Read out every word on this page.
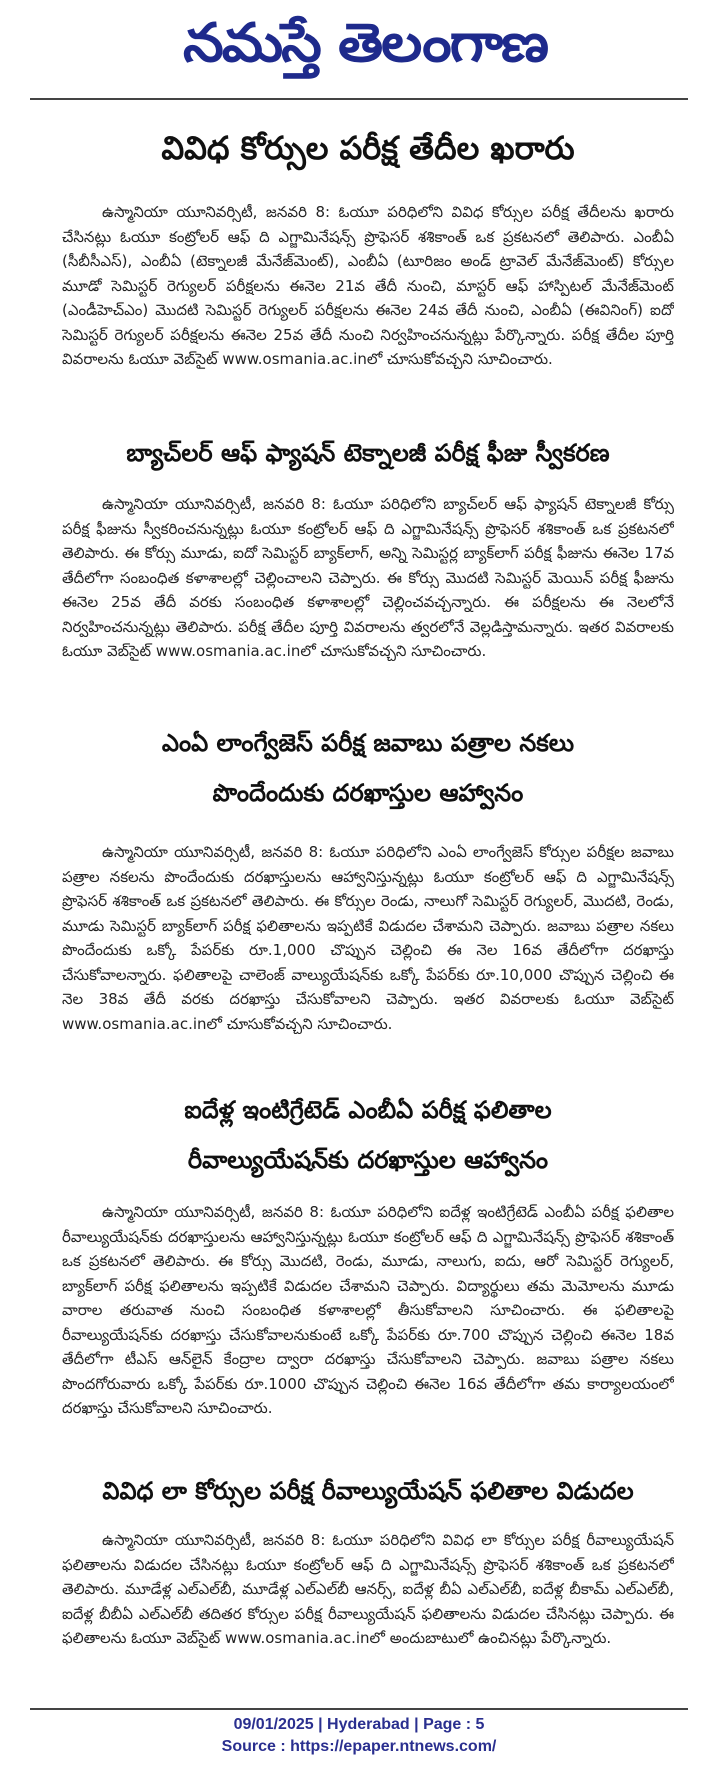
నమస్తే తెలంగాణ
వివిధ కోర్సుల పరీక్ష తేదీల ఖరారు

ఉస్మానియా యూనివర్సిటీ, జనవరి 8: ఓయూ పరిధిలోని వివిధ కోర్సుల పరీక్ష తేదీలను ఖరారు చేసినట్లు ఓయూ కంట్రోలర్ ఆఫ్ ది ఎగ్జామినేషన్స్ ప్రొఫెసర్ శశికాంత్ ఒక ప్రకటనలో తెలిపారు. ఎంబీఏ (సీబీసీఎస్), ఎంబీఏ (టెక్నాలజీ మేనేజ్‌మెంట్), ఎంబీఏ (టూరిజం అండ్ ట్రావెల్ మేనేజ్‌మెంట్) కోర్సుల మూడో సెమిస్టర్ రెగ్యులర్ పరీక్షలను ఈనెల 21వ తేదీ నుంచి, మాస్టర్ ఆఫ్ హాస్పిటల్ మేనేజ్‌మెంట్ (ఎండీహెచ్‌ఎం) మొదటి సెమిస్టర్ రెగ్యులర్ పరీక్షలను ఈనెల 24వ తేదీ నుంచి, ఎంబీఏ (ఈవినింగ్) ఐదో సెమిస్టర్ రెగ్యులర్ పరీక్షలను ఈనెల 25వ తేదీ నుంచి నిర్వహించనున్నట్లు పేర్కొన్నారు. పరీక్ష తేదీల పూర్తి వివరాలను ఓయూ వెబ్‌సైట్ www.osmania.ac.inలో చూసుకోవచ్చని సూచించారు.

బ్యాచ్‌లర్ ఆఫ్ ఫ్యాషన్ టెక్నాలజీ పరీక్ష ఫీజు స్వీకరణ

ఉస్మానియా యూనివర్సిటీ, జనవరి 8: ఓయూ పరిధిలోని బ్యాచ్‌లర్ ఆఫ్ ఫ్యాషన్ టెక్నాలజీ కోర్సు పరీక్ష ఫీజును స్వీకరించనున్నట్లు ఓయూ కంట్రోలర్ ఆఫ్ ది ఎగ్జామినేషన్స్ ప్రొఫెసర్ శశికాంత్ ఒక ప్రకటనలో తెలిపారు. ఈ కోర్సు మూడు, ఐదో సెమిస్టర్ బ్యాక్‌లాగ్, అన్ని సెమిస్టర్ల బ్యాక్‌లాగ్ పరీక్ష ఫీజును ఈనెల 17వ తేదీలోగా సంబంధిత కళాశాలల్లో చెల్లించాలని చెప్పారు. ఈ కోర్సు మొదటి సెమిస్టర్ మెయిన్ పరీక్ష ఫీజును ఈనెల 25వ తేదీ వరకు సంబంధిత కళాశాలల్లో చెల్లించవచ్చన్నారు. ఈ పరీక్షలను ఈ నెలలోనే నిర్వహించనున్నట్లు తెలిపారు. పరీక్ష తేదీల పూర్తి వివరాలను త్వరలోనే వెల్లడిస్తామన్నారు. ఇతర వివరాలకు ఓయూ వెబ్‌సైట్ www.osmania.ac.inలో చూసుకోవచ్చని సూచించారు.

ఎంఏ లాంగ్వేజెస్ పరీక్ష జవాబు పత్రాల నకలు
పొందేందుకు దరఖాస్తుల ఆహ్వానం

ఉస్మానియా యూనివర్సిటీ, జనవరి 8: ఓయూ పరిధిలోని ఎంఏ లాంగ్వేజెస్ కోర్సుల పరీక్షల జవాబు పత్రాల నకలను పొందేందుకు దరఖాస్తులను ఆహ్వానిస్తున్నట్లు ఓయూ కంట్రోలర్ ఆఫ్ ది ఎగ్జామినేషన్స్ ప్రొఫెసర్ శశికాంత్ ఒక ప్రకటనలో తెలిపారు. ఈ కోర్సుల రెండు, నాలుగో సెమిస్టర్ రెగ్యులర్, మొదటి, రెండు, మూడు సెమిస్టర్ బ్యాక్‌లాగ్ పరీక్ష ఫలితాలను ఇప్పటికే విడుదల చేశామని చెప్పారు. జవాబు పత్రాల నకలు పొందేందుకు ఒక్కో పేపర్‌కు రూ.1,000 చొప్పున చెల్లించి ఈ నెల 16వ తేదీలోగా దరఖాస్తు చేసుకోవాలన్నారు. ఫలితాలపై చాలెంజ్ వాల్యుయేషన్‌కు ఒక్కో పేపర్‌కు రూ.10,000 చొప్పున చెల్లించి ఈ నెల 38వ తేదీ వరకు దరఖాస్తు చేసుకోవాలని చెప్పారు. ఇతర వివరాలకు ఓయూ వెబ్‌సైట్ www.osmania.ac.inలో చూసుకోవచ్చని సూచించారు.

ఐదేళ్ల ఇంటిగ్రేటెడ్ ఎంబీఏ పరీక్ష ఫలితాల
రీవాల్యుయేషన్‌కు దరఖాస్తుల ఆహ్వానం

ఉస్మానియా యూనివర్సిటీ, జనవరి 8: ఓయూ పరిధిలోని ఐదేళ్ల ఇంటిగ్రేటెడ్ ఎంబీఏ పరీక్ష ఫలితాల రీవాల్యుయేషన్‌కు దరఖాస్తులను ఆహ్వానిస్తున్నట్లు ఓయూ కంట్రోలర్ ఆఫ్ ది ఎగ్జామినేషన్స్ ప్రొఫెసర్ శశికాంత్ ఒక ప్రకటనలో తెలిపారు. ఈ కోర్సు మొదటి, రెండు, మూడు, నాలుగు, ఐదు, ఆరో సెమిస్టర్ రెగ్యులర్, బ్యాక్‌లాగ్ పరీక్ష ఫలితాలను ఇప్పటికే విడుదల చేశామని చెప్పారు. విద్యార్థులు తమ మెమోలను మూడు వారాల తరువాత నుంచి సంబంధిత కళాశాలల్లో తీసుకోవాలని సూచించారు. ఈ ఫలితాలపై రీవాల్యుయేషన్‌కు దరఖాస్తు చేసుకోవాలనుకుంటే ఒక్కో పేపర్‌కు రూ.700 చొప్పున చెల్లించి ఈనెల 18వ తేదీలోగా టీఎస్ ఆన్‌లైన్ కేంద్రాల ద్వారా దరఖాస్తు చేసుకోవాలని చెప్పారు. జవాబు పత్రాల నకలు పొందగోరువారు ఒక్కో పేపర్‌కు రూ.1000 చొప్పున చెల్లించి ఈనెల 16వ తేదీలోగా తమ కార్యాలయంలో దరఖాస్తు చేసుకోవాలని సూచించారు.

వివిధ లా కోర్సుల పరీక్ష రీవాల్యుయేషన్ ఫలితాల విడుదల

ఉస్మానియా యూనివర్సిటీ, జనవరి 8: ఓయూ పరిధిలోని వివిధ లా కోర్సుల పరీక్ష రీవాల్యుయేషన్ ఫలితాలను విడుదల చేసినట్లు ఓయూ కంట్రోలర్ ఆఫ్ ది ఎగ్జామినేషన్స్ ప్రొఫెసర్ శశికాంత్ ఒక ప్రకటనలో తెలిపారు. మూడేళ్ల ఎల్ఎల్‌బీ, మూడేళ్ల ఎల్ఎల్‌బీ ఆనర్స్, ఐదేళ్ల బీఏ ఎల్ఎల్‌బీ, ఐదేళ్ల బీకామ్ ఎల్ఎల్‌బీ, ఐదేళ్ల బీబీఏ ఎల్ఎల్‌బీ తదితర కోర్సుల పరీక్ష రీవాల్యుయేషన్ ఫలితాలను విడుదల చేసినట్లు చెప్పారు. ఈ ఫలితాలను ఓయూ వెబ్‌సైట్ www.osmania.ac.inలో అందుబాటులో ఉంచినట్లు పేర్కొన్నారు.

09/01/2025 | Hyderabad | Page : 5
Source : https://epaper.ntnews.com/
